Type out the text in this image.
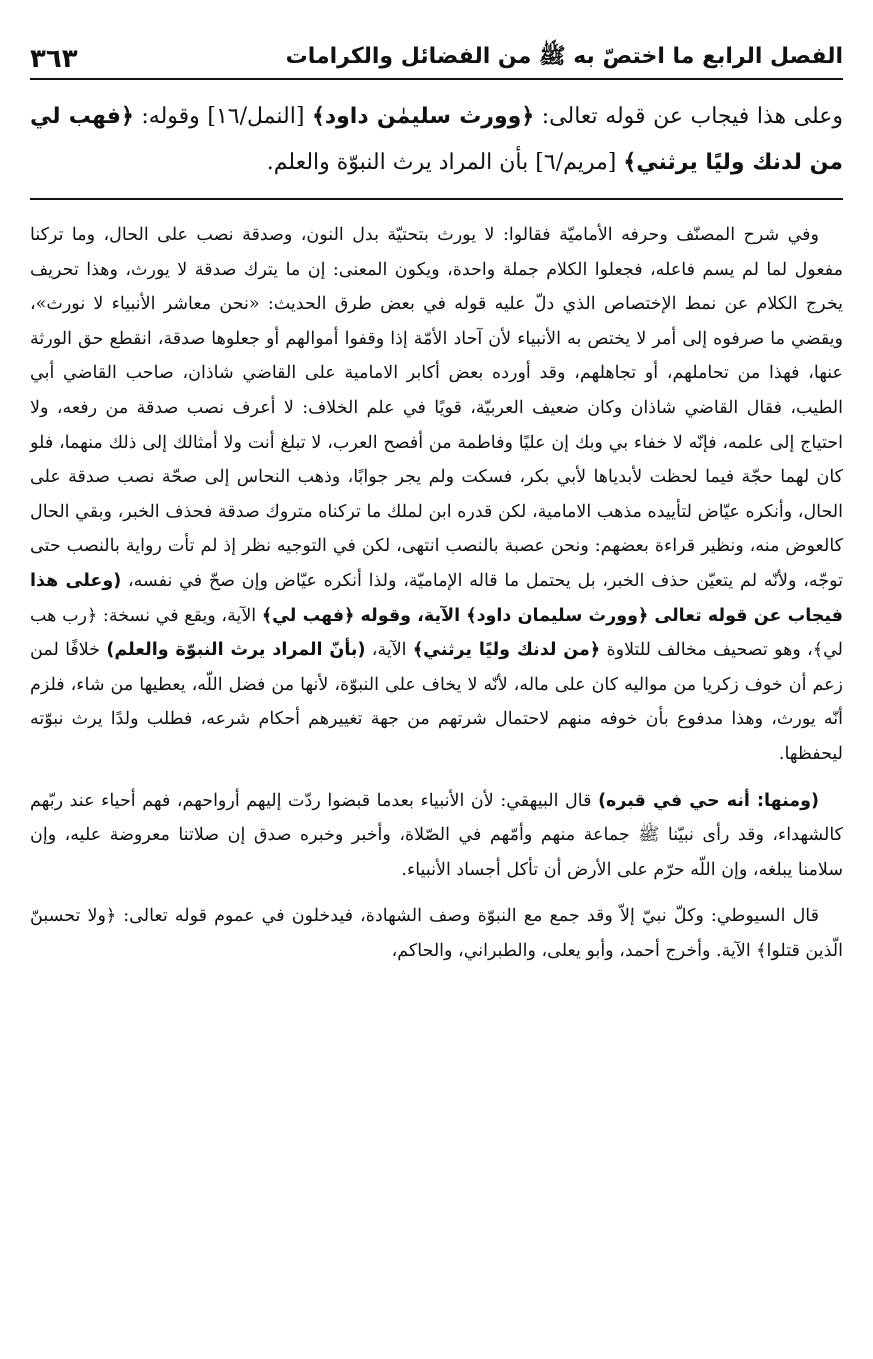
الفصل الرابع ما اختصّ به ﷺ من الفضائل والكرامات
٣٦٣

وعلى هذا فيجاب عن قوله تعالى: ﴿وورث سليمٰن داود﴾ [النمل/١٦] وقوله: ﴿فهب لي من لدنك وليًا يرثني﴾ [مريم/٦] بأن المراد يرث النبوّة والعلم.

وفي شرح المصنّف وحرفه الأماميّة فقالوا: لا يورث بتحتيّة بدل النون، وصدقة نصب على الحال، وما تركنا مفعول لما لم يسم فاعله، فجعلوا الكلام جملة واحدة، ويكون المعنى: إن ما يترك صدقة لا يورث، وهذا تحريف يخرج الكلام عن نمط الإختصاص الذي دلّ عليه قوله في بعض طرق الحديث: «نحن معاشر الأنبياء لا نورث»، ويقضي ما صرفوه إلى أمر لا يختص به الأنبياء لأن آحاد الأمّة إذا وقفوا أموالهم أو جعلوها صدقة، انقطع حق الورثة عنها، فهذا من تحاملهم، أو تجاهلهم، وقد أورده بعض أكابر الامامية على القاضي شاذان، صاحب القاضي أبي الطيب، فقال القاضي شاذان وكان ضعيف العربيّة، قويًا في علم الخلاف: لا أعرف نصب صدقة من رفعه، ولا احتياج إلى علمه، فإنّه لا خفاء بي وبك إن عليًا وفاطمة من أفصح العرب، لا تبلغ أنت ولا أمثالك إلى ذلك منهما، فلو كان لهما حجّة فيما لحظت لأبدياها لأبي بكر، فسكت ولم يجر جوابًا، وذهب النحاس إلى صحّة نصب صدقة على الحال، وأنكره عيّاض لتأييده مذهب الامامية، لكن قدره ابن لملك ما تركناه متروك صدقة فحذف الخبر، وبقي الحال كالعوض منه، ونظير قراءة بعضهم: ونحن عصبة بالنصب انتهى، لكن في التوجيه نظر إذ لم تأت رواية بالنصب حتى توجّه، ولأنّه لم يتعيّن حذف الخبر، بل يحتمل ما قاله الإماميّة، ولذا أنكره عيّاض وإن صحّ في نفسه، (وعلى هذا فيجاب عن قوله تعالى ﴿وورث سليمان داود﴾ الآية، وقوله ﴿فهب لي﴾ الآية، ويقع في نسخة: ﴿رب هب لي﴾، وهو تصحيف مخالف للتلاوة ﴿من لدنك وليًا يرثني﴾ الآية، (بأنّ المراد يرث النبوّة والعلم) خلافًا لمن زعم أن خوف زكريا من مواليه كان على ماله، لأنّه لا يخاف على النبوّة، لأنها من فضل اللّه، يعطيها من شاء، فلزم أنّه يورث، وهذا مدفوع بأن خوفه منهم لاحتمال شرتهم من جهة تغييرهم أحكام شرعه، فطلب ولدًا يرث نبوّته ليحفظها.

(ومنها: أنه حي في قبره) قال البيهقي: لأن الأنبياء بعدما قبضوا ردّت إليهم أرواحهم، فهم أحياء عند ربّهم كالشهداء، وقد رأى نبيّنا ﷺ جماعة منهم وأمّهم في الصّلاة، وأخبر وخبره صدق إن صلاتنا معروضة عليه، وإن سلامنا يبلغه، وإن اللّه حرّم على الأرض أن تأكل أجساد الأنبياء.

قال السيوطي: وكلّ نبيّ إلاّ وقد جمع مع النبوّة وصف الشهادة، فيدخلون في عموم قوله تعالى: ﴿ولا تحسبنّ الّذين قتلوا﴾ الآية. وأخرج أحمد، وأبو يعلى، والطبراني، والحاكم،
